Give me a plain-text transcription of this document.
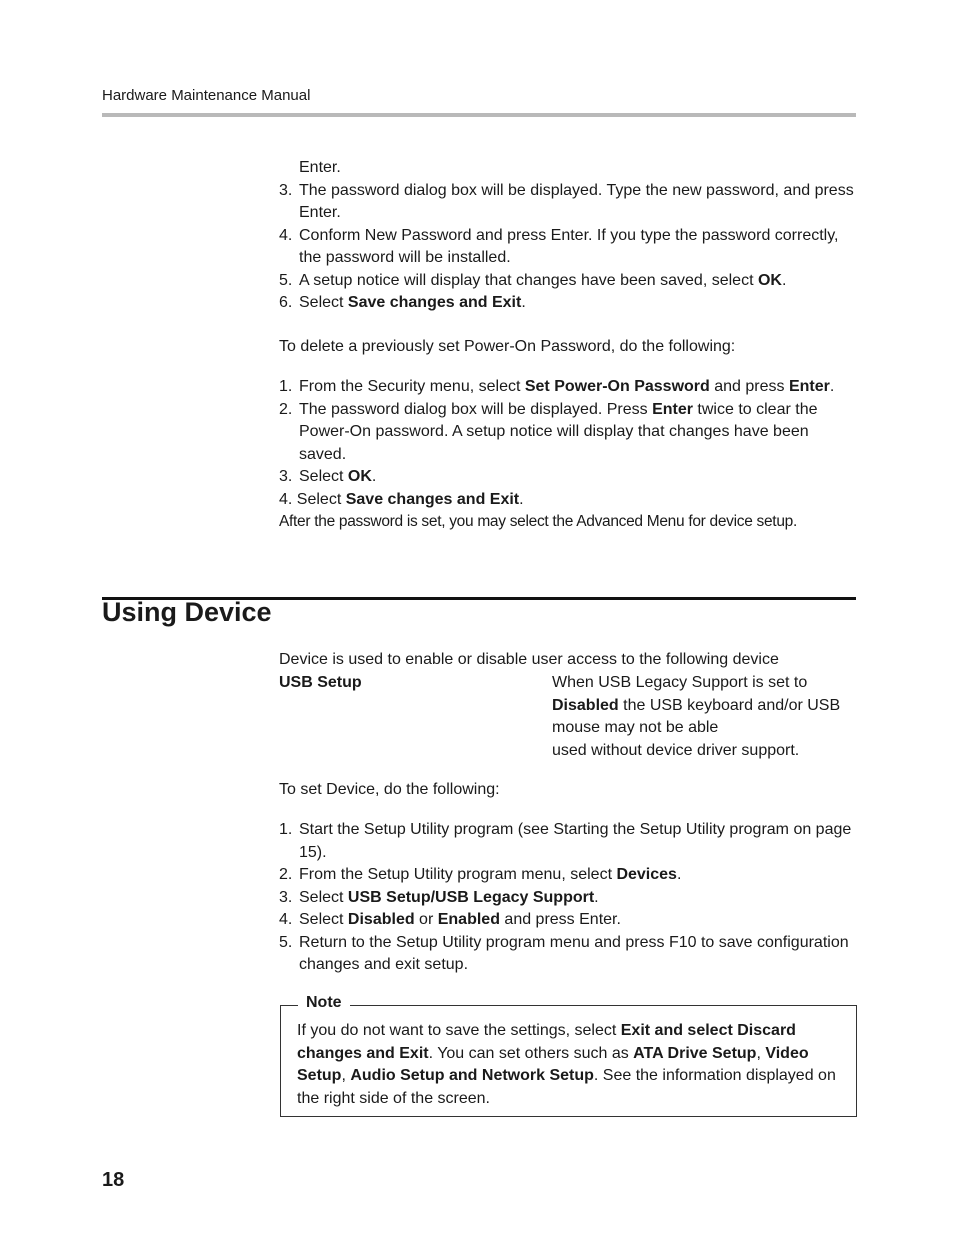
Hardware Maintenance Manual
Enter.
3. The password dialog box will be displayed. Type the new password, and press Enter.
4. Conform New Password and press Enter. If you type the password correctly, the password will be installed.
5. A setup notice will display that changes have been saved, select OK.
6. Select Save changes and Exit.
To delete a previously set Power-On Password, do the following:
1. From the Security menu, select Set Power-On Password and press Enter.
2. The password dialog box will be displayed. Press Enter twice to clear the Power-On password. A setup notice will display that changes have been saved.
3. Select OK.
4. Select Save changes and Exit.
After the password is set, you may select the Advanced Menu for device setup.
Using Device
Device is used to enable or disable user access to the following device
USB Setup	When USB Legacy Support is set to Disabled the USB keyboard and/or USB mouse may not be able
used without device driver support.
To set Device, do the following:
1. Start the Setup Utility program (see Starting the Setup Utility program on page 15).
2. From the Setup Utility program menu, select Devices.
3. Select USB Setup/USB Legacy Support.
4. Select Disabled or Enabled and press Enter.
5. Return to the Setup Utility program menu and press F10 to save configuration changes and exit setup.
Note
If you do not want to save the settings, select Exit and select Discard changes and Exit. You can set others such as ATA Drive Setup, Video Setup, Audio Setup and Network Setup. See the information displayed on the right side of the screen.
18
